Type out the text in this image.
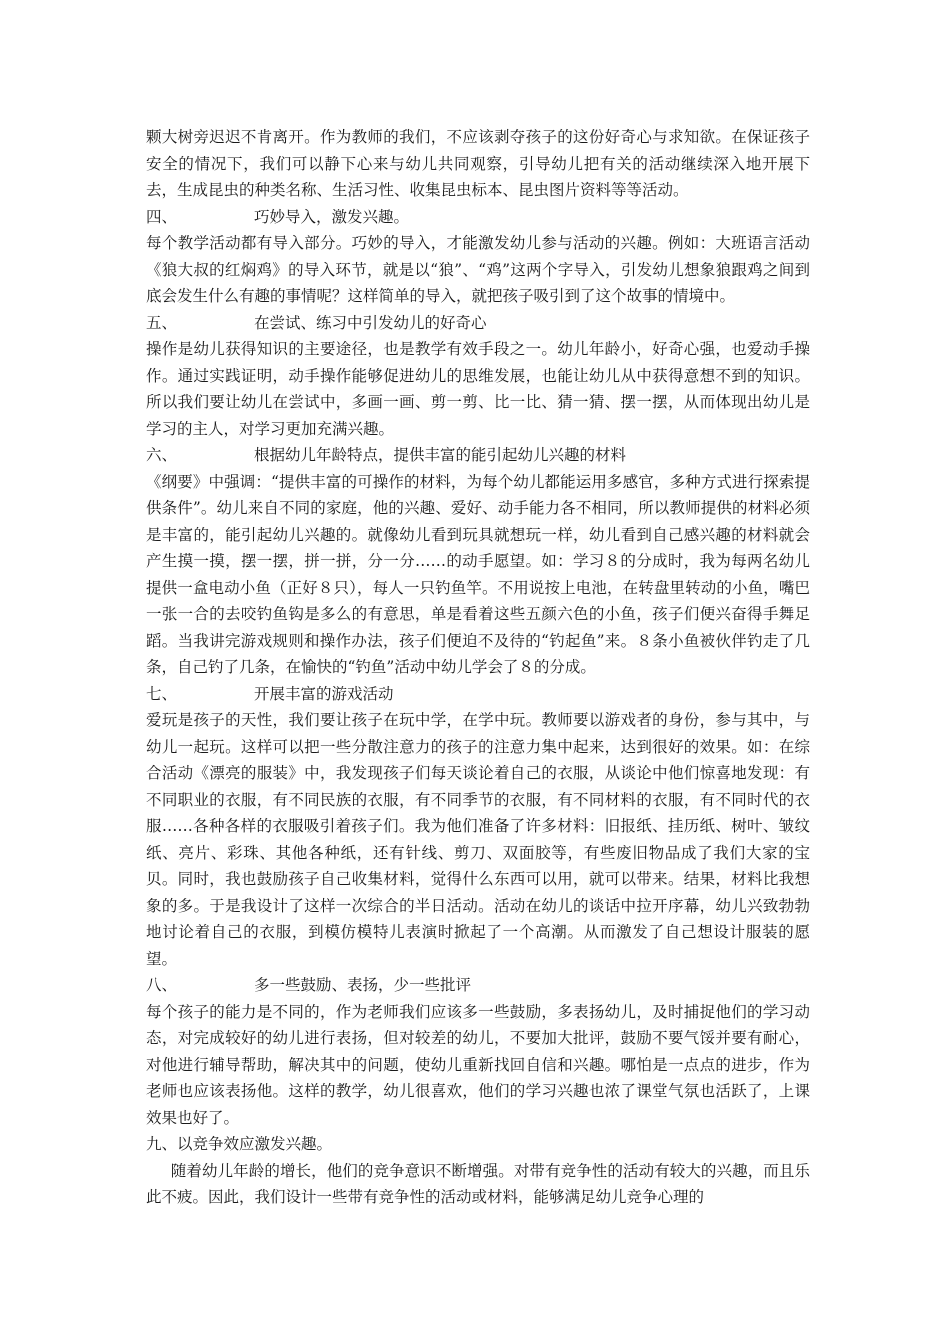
颗大树旁迟迟不肯离开。作为教师的我们，不应该剥夺孩子的这份好奇心与求知欲。在保证孩子安全的情况下，我们可以静下心来与幼儿共同观察，引导幼儿把有关的活动继续深入地开展下去，生成昆虫的种类名称、生活习性、收集昆虫标本、昆虫图片资料等等活动。

四、	巧妙导入，激发兴趣。

每个教学活动都有导入部分。巧妙的导入，才能激发幼儿参与活动的兴趣。例如：大班语言活动《狼大叔的红焖鸡》的导入环节，就是以“狼”、“鸡”这两个字导入，引发幼儿想象狼跟鸡之间到底会发生什么有趣的事情呢？这样简单的导入，就把孩子吸引到了这个故事的情境中。

五、	在尝试、练习中引发幼儿的好奇心

操作是幼儿获得知识的主要途径，也是教学有效手段之一。幼儿年龄小，好奇心强，也爱动手操作。通过实践证明，动手操作能够促进幼儿的思维发展，也能让幼儿从中获得意想不到的知识。所以我们要让幼儿在尝试中，多画一画、剪一剪、比一比、猜一猜、摆一摆，从而体现出幼儿是学习的主人，对学习更加充满兴趣。

六、	根据幼儿年龄特点，提供丰富的能引起幼儿兴趣的材料

《纲要》中强调：“提供丰富的可操作的材料，为每个幼儿都能运用多感官，多种方式进行探索提供条件”。幼儿来自不同的家庭，他的兴趣、爱好、动手能力各不相同，所以教师提供的材料必须是丰富的，能引起幼儿兴趣的。就像幼儿看到玩具就想玩一样，幼儿看到自己感兴趣的材料就会产生摸一摸，摆一摆，拼一拼，分一分……的动手愿望。如：学习８的分成时，我为每两名幼儿提供一盒电动小鱼（正好８只），每人一只钓鱼竿。不用说按上电池，在转盘里转动的小鱼，嘴巴一张一合的去咬钓鱼钩是多么的有意思，单是看着这些五颜六色的小鱼，孩子们便兴奋得手舞足蹈。当我讲完游戏规则和操作办法，孩子们便迫不及待的“钓起鱼”来。８条小鱼被伙伴钓走了几条，自己钓了几条，在愉快的“钓鱼”活动中幼儿学会了８的分成。

七、	开展丰富的游戏活动

爱玩是孩子的天性，我们要让孩子在玩中学，在学中玩。教师要以游戏者的身份，参与其中，与幼儿一起玩。这样可以把一些分散注意力的孩子的注意力集中起来，达到很好的效果。如：在综合活动《漂亮的服装》中，我发现孩子们每天谈论着自己的衣服，从谈论中他们惊喜地发现：有不同职业的衣服，有不同民族的衣服，有不同季节的衣服，有不同材料的衣服，有不同时代的衣服……各种各样的衣服吸引着孩子们。我为他们准备了许多材料：旧报纸、挂历纸、树叶、皱纹纸、亮片、彩珠、其他各种纸，还有针线、剪刀、双面胶等，有些废旧物品成了我们大家的宝贝。同时，我也鼓励孩子自己收集材料，觉得什么东西可以用，就可以带来。结果，材料比我想象的多。于是我设计了这样一次综合的半日活动。活动在幼儿的谈话中拉开序幕，幼儿兴致勃勃地讨论着自己的衣服，到模仿模特儿表演时掀起了一个高潮。从而激发了自己想设计服装的愿望。

八、	多一些鼓励、表扬，少一些批评

每个孩子的能力是不同的，作为老师我们应该多一些鼓励，多表扬幼儿，及时捕捉他们的学习动态，对完成较好的幼儿进行表扬，但对较差的幼儿，不要加大批评，鼓励不要气馁并要有耐心，对他进行辅导帮助，解决其中的问题，使幼儿重新找回自信和兴趣。哪怕是一点点的进步，作为老师也应该表扬他。这样的教学，幼儿很喜欢，他们的学习兴趣也浓了课堂气氛也活跃了，上课效果也好了。

九、以竞争效应激发兴趣。

随着幼儿年龄的增长，他们的竞争意识不断增强。对带有竞争性的活动有较大的兴趣，而且乐此不疲。因此，我们设计一些带有竞争性的活动或材料，能够满足幼儿竞争心理的
